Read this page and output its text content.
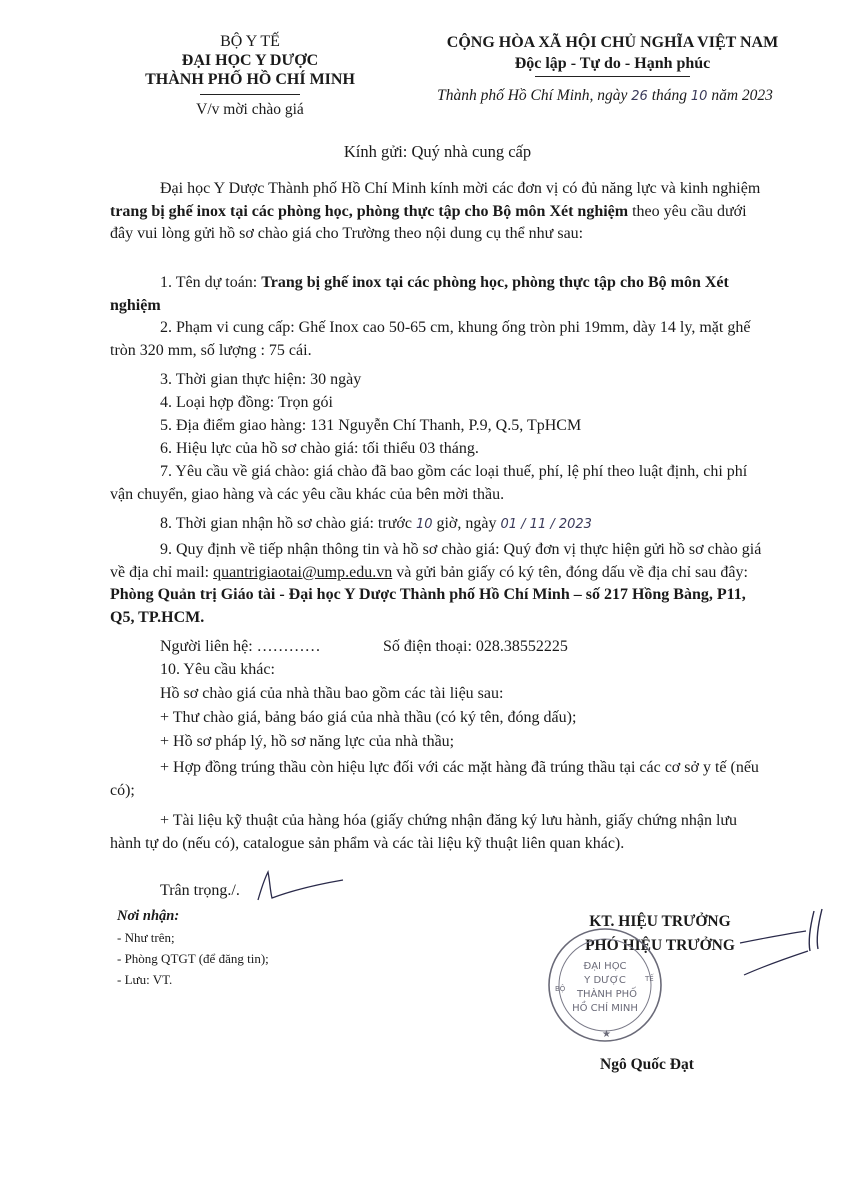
BỘ Y TẾ
ĐẠI HỌC Y DƯỢC
THÀNH PHỐ HỒ CHÍ MINH
V/v mời chào giá
CỘNG HÒA XÃ HỘI CHỦ NGHĨA VIỆT NAM
Độc lập - Tự do - Hạnh phúc
Thành phố Hồ Chí Minh, ngày 26 tháng 10 năm 2023
Kính gửi: Quý nhà cung cấp
Đại học Y Dược Thành phố Hồ Chí Minh kính mời các đơn vị có đủ năng lực và kinh nghiệm trang bị ghế inox tại các phòng học, phòng thực tập cho Bộ môn Xét nghiệm theo yêu cầu dưới đây vui lòng gửi hồ sơ chào giá cho Trường theo nội dung cụ thể như sau:
1. Tên dự toán: Trang bị ghế inox tại các phòng học, phòng thực tập cho Bộ môn Xét nghiệm
2. Phạm vi cung cấp: Ghế Inox cao 50-65 cm, khung ống tròn phi 19mm, dày 14 ly, mặt ghế tròn 320 mm, số lượng : 75 cái.
3. Thời gian thực hiện: 30 ngày
4. Loại hợp đồng: Trọn gói
5. Địa điểm giao hàng: 131 Nguyễn Chí Thanh, P.9, Q.5, TpHCM
6. Hiệu lực của hồ sơ chào giá: tối thiểu 03 tháng.
7. Yêu cầu về giá chào: giá chào đã bao gồm các loại thuế, phí, lệ phí theo luật định, chi phí vận chuyển, giao hàng và các yêu cầu khác của bên mời thầu.
8. Thời gian nhận hồ sơ chào giá: trước 10 giờ, ngày 01 / 11 / 2023
9. Quy định về tiếp nhận thông tin và hồ sơ chào giá: Quý đơn vị thực hiện gửi hồ sơ chào giá về địa chỉ mail: quantrigiaotai@ump.edu.vn và gửi bản giấy có ký tên, đóng dấu về địa chỉ sau đây: Phòng Quản trị Giáo tài - Đại học Y Dược Thành phố Hồ Chí Minh – số 217 Hồng Bàng, P11, Q5, TP.HCM.
Người liên hệ: …………	Số điện thoại: 028.38552225
10. Yêu cầu khác:
Hồ sơ chào giá của nhà thầu bao gồm các tài liệu sau:
+ Thư chào giá, bảng báo giá của nhà thầu (có ký tên, đóng dấu);
+ Hồ sơ pháp lý, hồ sơ năng lực của nhà thầu;
+ Hợp đồng trúng thầu còn hiệu lực đối với các mặt hàng đã trúng thầu tại các cơ sở y tế (nếu có);
+ Tài liệu kỹ thuật của hàng hóa (giấy chứng nhận đăng ký lưu hành, giấy chứng nhận lưu hành tự do (nếu có), catalogue sản phẩm và các tài liệu kỹ thuật liên quan khác).
Trân trọng./.
Nơi nhận:
- Như trên;
- Phòng QTGT (để đăng tin);
- Lưu: VT.
KT. HIỆU TRƯỞNG
PHÓ HIỆU TRƯỞNG
ĐẠI HỌC
Y DƯỢC
THÀNH PHỐ
HỒ CHÍ MINH
BỘ
TẾ
★
Ngô Quốc Đạt
